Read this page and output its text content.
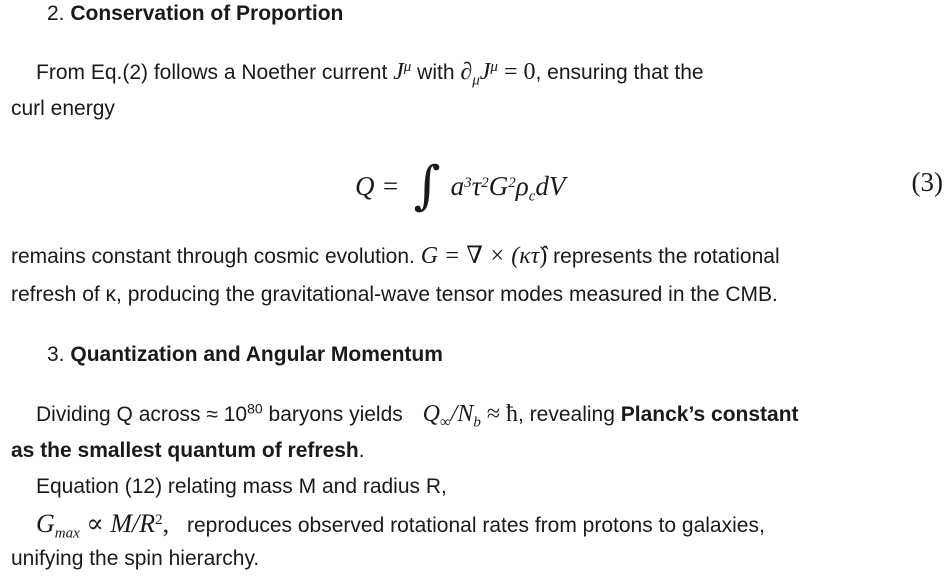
2. Conservation of Proportion
From Eq.(2) follows a Noether current $J^\mu$ with $\partial_\mu J^\mu = 0$, ensuring that the
curl energy
Q = ∫ $a^3\tau^2G^2\rho_cdV$	(3)
remains constant through cosmic evolution. G = ∇ × (κτ̂) represents the rotational
refresh of κ, producing the gravitational-wave tensor modes measured in the CMB.
3. Quantization and Angular Momentum
Dividing Q across ≈ $10^{80}$ baryons yields $Q_\infty/N_b$ ≈ ħ, revealing Planck’s constant
as the smallest quantum of refresh.
Equation (12) relating mass M and radius R,
$G_{max} \propto M/R^2$, reproduces observed rotational rates from protons to galaxies,
unifying the spin hierarchy.
